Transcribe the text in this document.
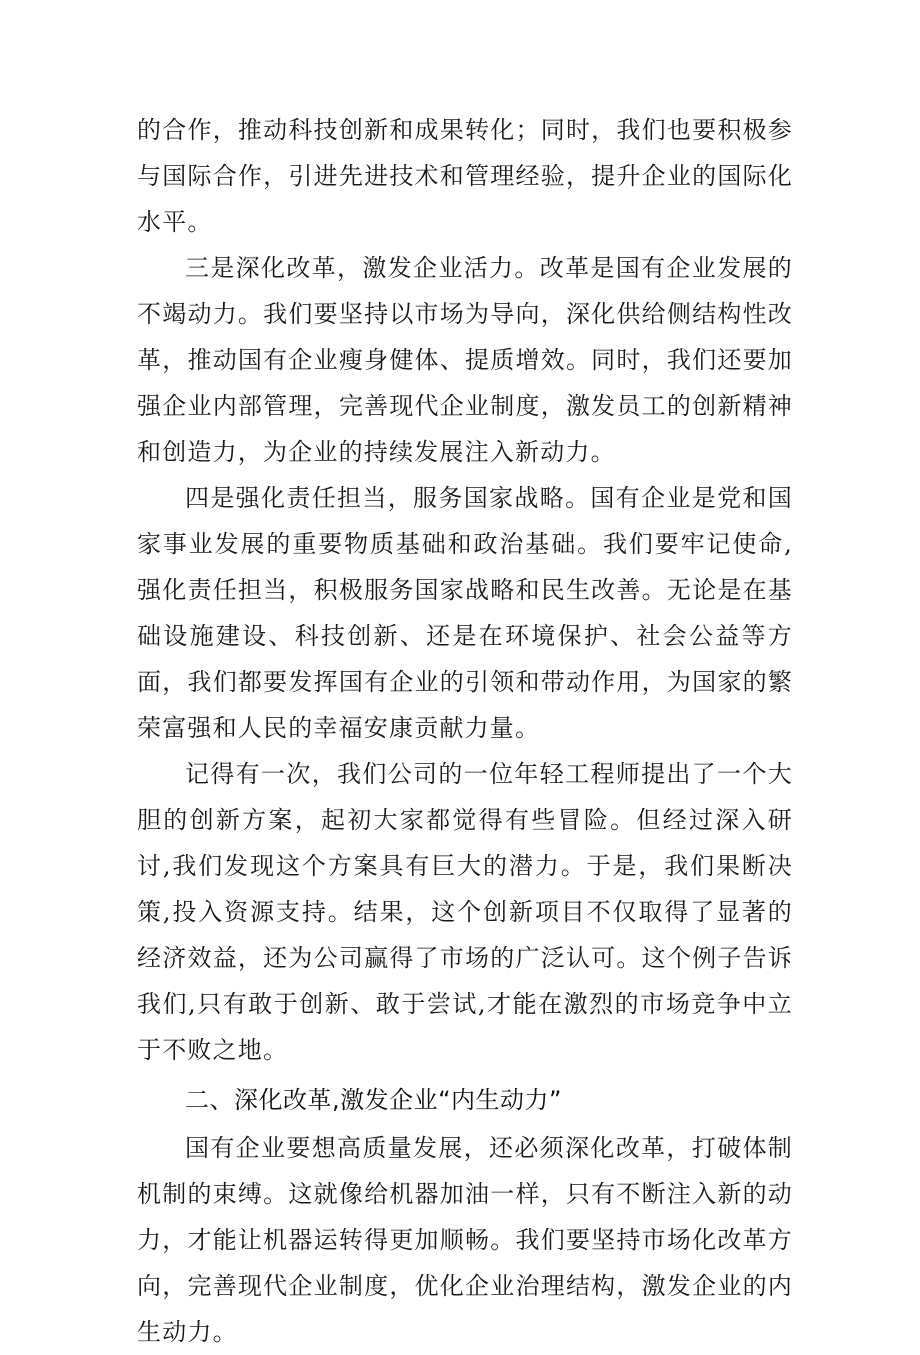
的合作，推动科技创新和成果转化；同时，我们也要积极参与国际合作，引进先进技术和管理经验，提升企业的国际化水平。

三是深化改革，激发企业活力。改革是国有企业发展的不竭动力。我们要坚持以市场为导向，深化供给侧结构性改革，推动国有企业瘦身健体、提质增效。同时，我们还要加强企业内部管理，完善现代企业制度，激发员工的创新精神和创造力，为企业的持续发展注入新动力。

四是强化责任担当，服务国家战略。国有企业是党和国家事业发展的重要物质基础和政治基础。我们要牢记使命,强化责任担当，积极服务国家战略和民生改善。无论是在基础设施建设、科技创新、还是在环境保护、社会公益等方面，我们都要发挥国有企业的引领和带动作用，为国家的繁荣富强和人民的幸福安康贡献力量。

记得有一次，我们公司的一位年轻工程师提出了一个大胆的创新方案，起初大家都觉得有些冒险。但经过深入研讨,我们发现这个方案具有巨大的潜力。于是，我们果断决策,投入资源支持。结果，这个创新项目不仅取得了显著的经济效益，还为公司赢得了市场的广泛认可。这个例子告诉我们,只有敢于创新、敢于尝试,才能在激烈的市场竞争中立于不败之地。

二、深化改革,激发企业“内生动力”

国有企业要想高质量发展，还必须深化改革，打破体制机制的束缚。这就像给机器加油一样，只有不断注入新的动力，才能让机器运转得更加顺畅。我们要坚持市场化改革方向，完善现代企业制度，优化企业治理结构，激发企业的内生动力。
